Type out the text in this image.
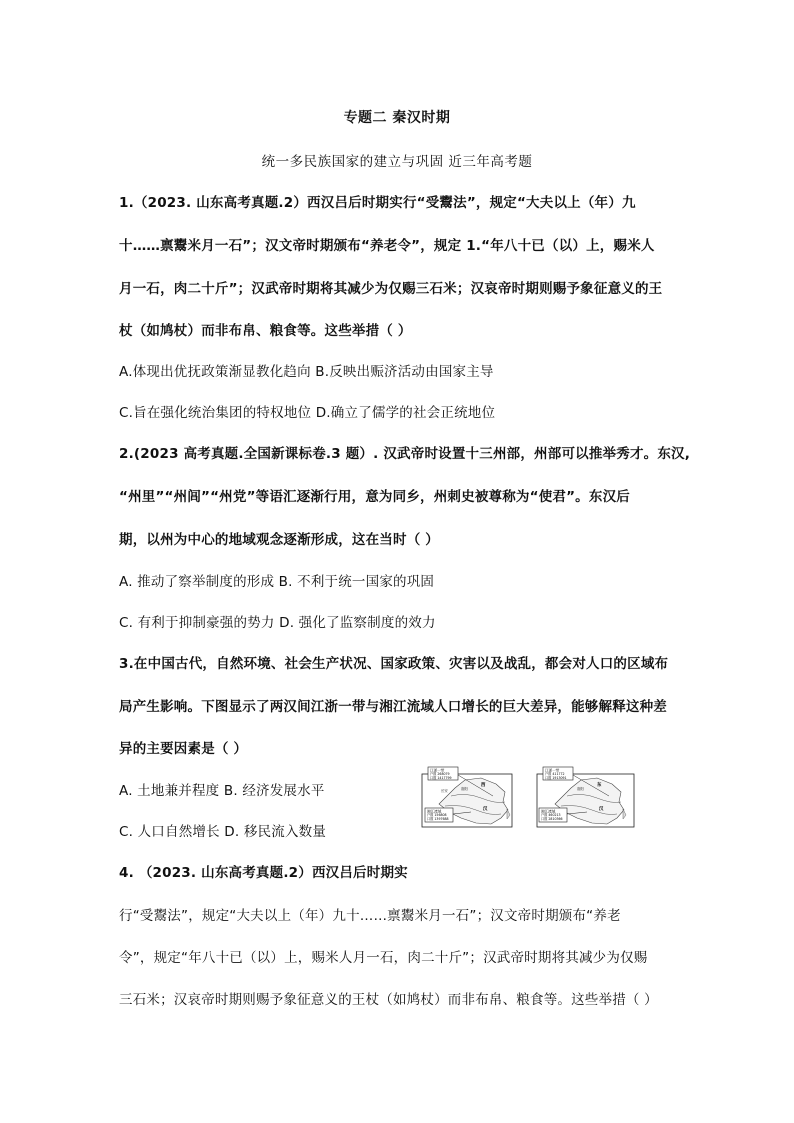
专题二 秦汉时期
统一多民族国家的建立与巩固 近三年高考题
1.（2023. 山东高考真题.2）西汉吕后时期实行“受鬻法”，规定“大夫以上（年）九
十……禀鬻米月一石”；汉文帝时期颁布“养老令”，规定 1.“年八十已（以）上，赐米人
月一石，肉二十斤”；汉武帝时期将其减少为仅赐三石米；汉哀帝时期则赐予象征意义的王
杖（如鸠杖）而非布帛、粮食等。这些举措（ ）
A.体现出优抚政策渐显教化趋向 B.反映出赈济活动由国家主导
C.旨在强化统治集团的特权地位 D.确立了儒学的社会正统地位
2.(2023 高考真题.全国新课标卷.3 题）. 汉武帝时设置十三州部，州部可以推举秀才。东汉,
“州里”“州闾”“州党”等语汇逐渐行用，意为同乡，州刺史被尊称为“使君”。东汉后
期，以州为中心的地域观念逐渐形成，这在当时（ ）
A. 推动了察举制度的形成 B. 不利于统一国家的巩固
C. 有利于抑制豪强的势力 D. 强化了监察制度的效力
3.在中国古代，自然环境、社会生产状况、国家政策、灾害以及战乱，都会对人口的区域布
局产生影响。下图显示了两汉间江浙一带与湘江流域人口增长的巨大差异，能够解释这种差
异的主要因素是（ ）
A. 土地兼并程度 B. 经济发展水平
C. 人口自然增长 D. 移民流入数量
江浙一带
户数 268079
口数 1417799
湘江流域
户数 156808
口数 1397688
长安	洛阳
西
汉
江浙一带
户数 411772
口数 1913091
湘江流域
户数 460213
口数 2810366
洛阳
东
汉
4. （2023. 山东高考真题.2）西汉吕后时期实
行“受鬻法”，规定“大夫以上（年）九十……禀鬻米月一石”；汉文帝时期颁布“养老
令”，规定“年八十已（以）上，赐米人月一石，肉二十斤”；汉武帝时期将其减少为仅赐
三石米；汉哀帝时期则赐予象征意义的王杖（如鸠杖）而非布帛、粮食等。这些举措（ ）
